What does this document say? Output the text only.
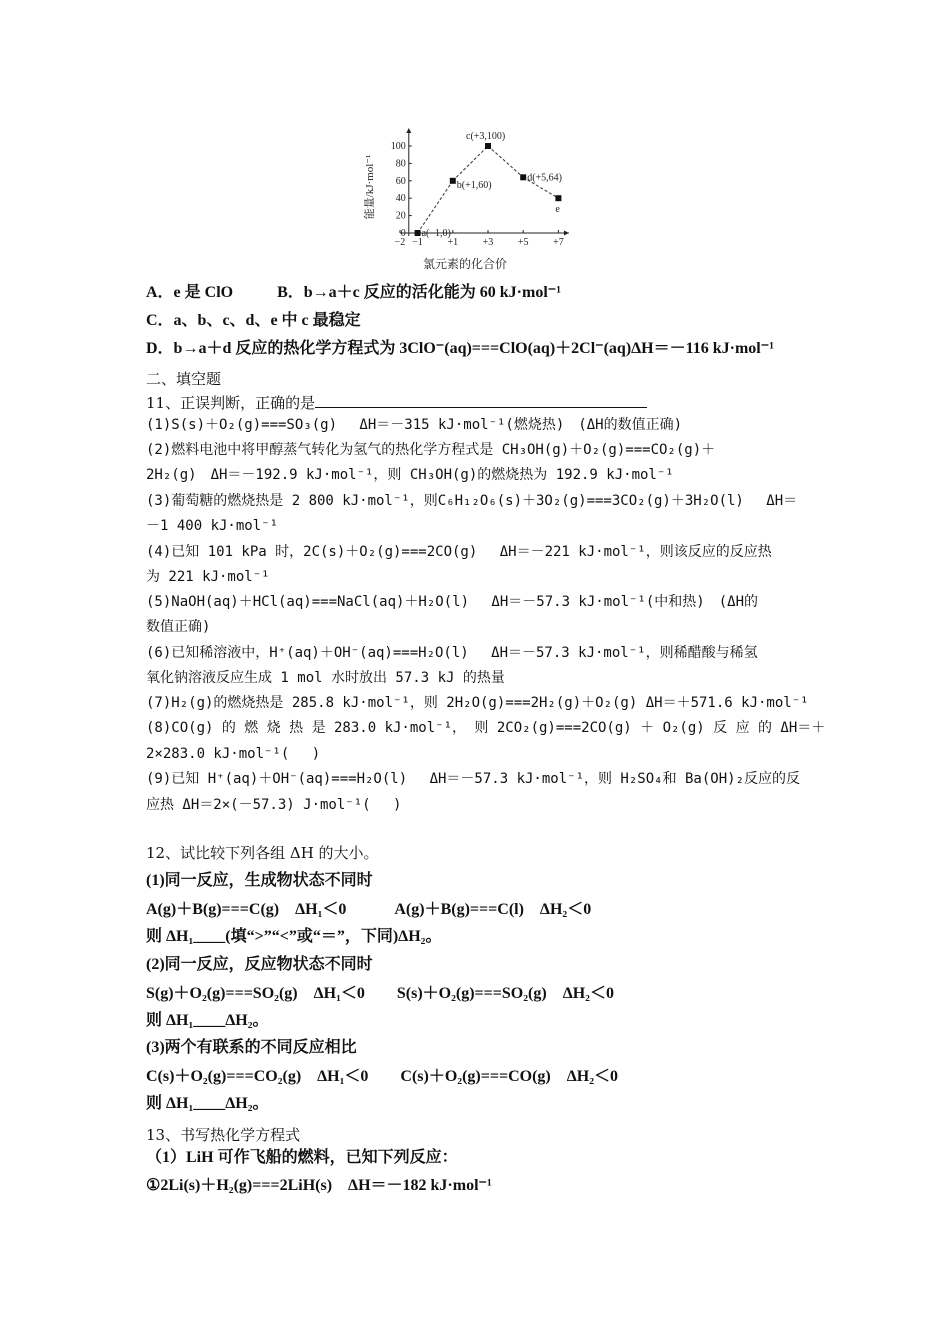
能量/kJ·mol⁻¹
氯元素的化合价
0
20
40
60
80
100
−2 −1 +1 +3 +5 +7
a(−1,0)
b(+1,60)
c(+3,100)
d(+5,64)
e
A．e 是 ClO	B．b→a＋c 反应的活化能为 60 kJ·mol⁻¹
C．a、b、c、d、e 中 c 最稳定
D．b→a＋d 反应的热化学方程式为 3ClO⁻(aq)===ClO(aq)＋2Cl⁻(aq)ΔH＝－116 kJ·mol⁻¹
二、填空题
11、正误判断，正确的是
(1)S(s)＋O₂(g)===SO₃(g)　 ΔH＝－315 kJ·mol⁻¹(燃烧热)　(ΔH的数值正确)
(2)燃料电池中将甲醇蒸气转化为氢气的热化学方程式是 CH₃OH(g)＋O₂(g)===CO₂(g)＋
2H₂(g)　ΔH＝－192.9 kJ·mol⁻¹，则 CH₃OH(g)的燃烧热为 192.9 kJ·mol⁻¹
(3)葡萄糖的燃烧热是 2 800 kJ·mol⁻¹，则C₆H₁₂O₆(s)＋3O₂(g)===3CO₂(g)＋3H₂O(l)　 ΔH＝
－1 400 kJ·mol⁻¹
(4)已知 101 kPa 时，2C(s)＋O₂(g)===2CO(g)　 ΔH＝－221 kJ·mol⁻¹，则该反应的反应热
为 221 kJ·mol⁻¹
(5)NaOH(aq)＋HCl(aq)===NaCl(aq)＋H₂O(l)　 ΔH＝－57.3 kJ·mol⁻¹(中和热)　(ΔH的
数值正确)
(6)已知稀溶液中，H⁺(aq)＋OH⁻(aq)===H₂O(l)　 ΔH＝－57.3 kJ·mol⁻¹，则稀醋酸与稀氢
氧化钠溶液反应生成 1 mol 水时放出 57.3 kJ 的热量
(7)H₂(g)的燃烧热是 285.8 kJ·mol⁻¹，则 2H₂O(g)===2H₂(g)＋O₂(g) ΔH＝＋571.6 kJ·mol⁻¹
(8)CO(g) 的 燃 烧 热 是 283.0 kJ·mol⁻¹， 则 2CO₂(g)===2CO(g) ＋ O₂(g) 反 应 的 ΔH＝＋
2×283.0 kJ·mol⁻¹(　 )
(9)已知 H⁺(aq)＋OH⁻(aq)===H₂O(l)　 ΔH＝－57.3 kJ·mol⁻¹，则 H₂SO₄和 Ba(OH)₂反应的反
应热 ΔH＝2×(－57.3) J·mol⁻¹(　 )
12、试比较下列各组 ΔH 的大小。
(1)同一反应，生成物状态不同时
A(g)＋B(g)===C(g)　ΔH₁＜0　　　A(g)＋B(g)===C(l)　ΔH₂＜0
则 ΔH₁____(填“>”“<”或“＝”，下同)ΔH₂。
(2)同一反应，反应物状态不同时
S(g)＋O₂(g)===SO₂(g)　ΔH₁＜0　　S(s)＋O₂(g)===SO₂(g)　ΔH₂＜0
则 ΔH₁____ΔH₂。
(3)两个有联系的不同反应相比
C(s)＋O₂(g)===CO₂(g)　ΔH₁＜0　　C(s)＋O₂(g)===CO(g)　ΔH₂＜0
则 ΔH₁____ΔH₂。
13、书写热化学方程式
（1）LiH 可作飞船的燃料，已知下列反应：
①2Li(s)＋H₂(g)===2LiH(s)　ΔH＝－182 kJ·mol⁻¹
